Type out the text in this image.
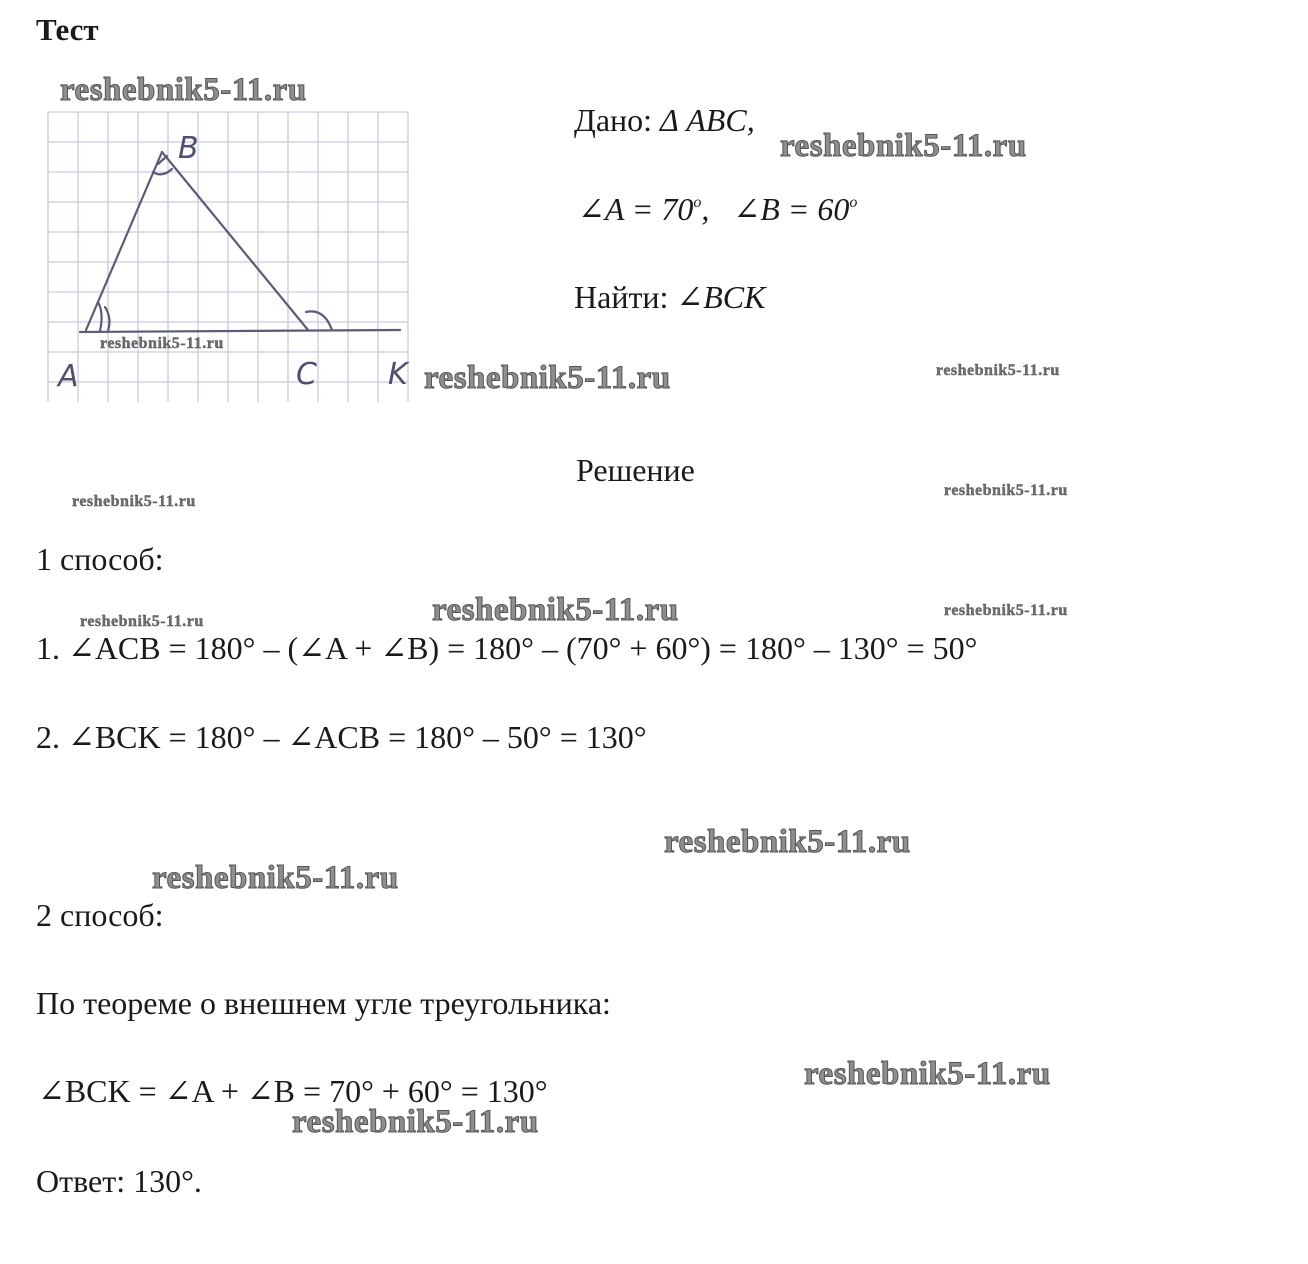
Тест
A
B
C K
Дано: Δ ABC,
∠A = $70^о$,   ∠B = $60^о$
Найти: ∠BCK
Решение
1 способ:
1. ∠ACB = 180° – (∠A + ∠B) = 180° – (70° + 60°) = 180° – 130° = 50°
2. ∠BCK = 180° – ∠ACB = 180° – 50° = 130°
2 способ:
По теореме о внешнем угле треугольника:
∠BCK = ∠A + ∠B = 70° + 60° = 130°
Ответ: 130°.
reshebnik5-11.ru
reshebnik5-11.ru
reshebnik5-11.ru
reshebnik5-11.ru	reshebnik5-11.ru
reshebnik5-11.ru
reshebnik5-11.ru
reshebnik5-11.ru
reshebnik5-11.ru
reshebnik5-11.ru
reshebnik5-11.ru
reshebnik5-11.ru
reshebnik5-11.ru
reshebnik5-11.ru
